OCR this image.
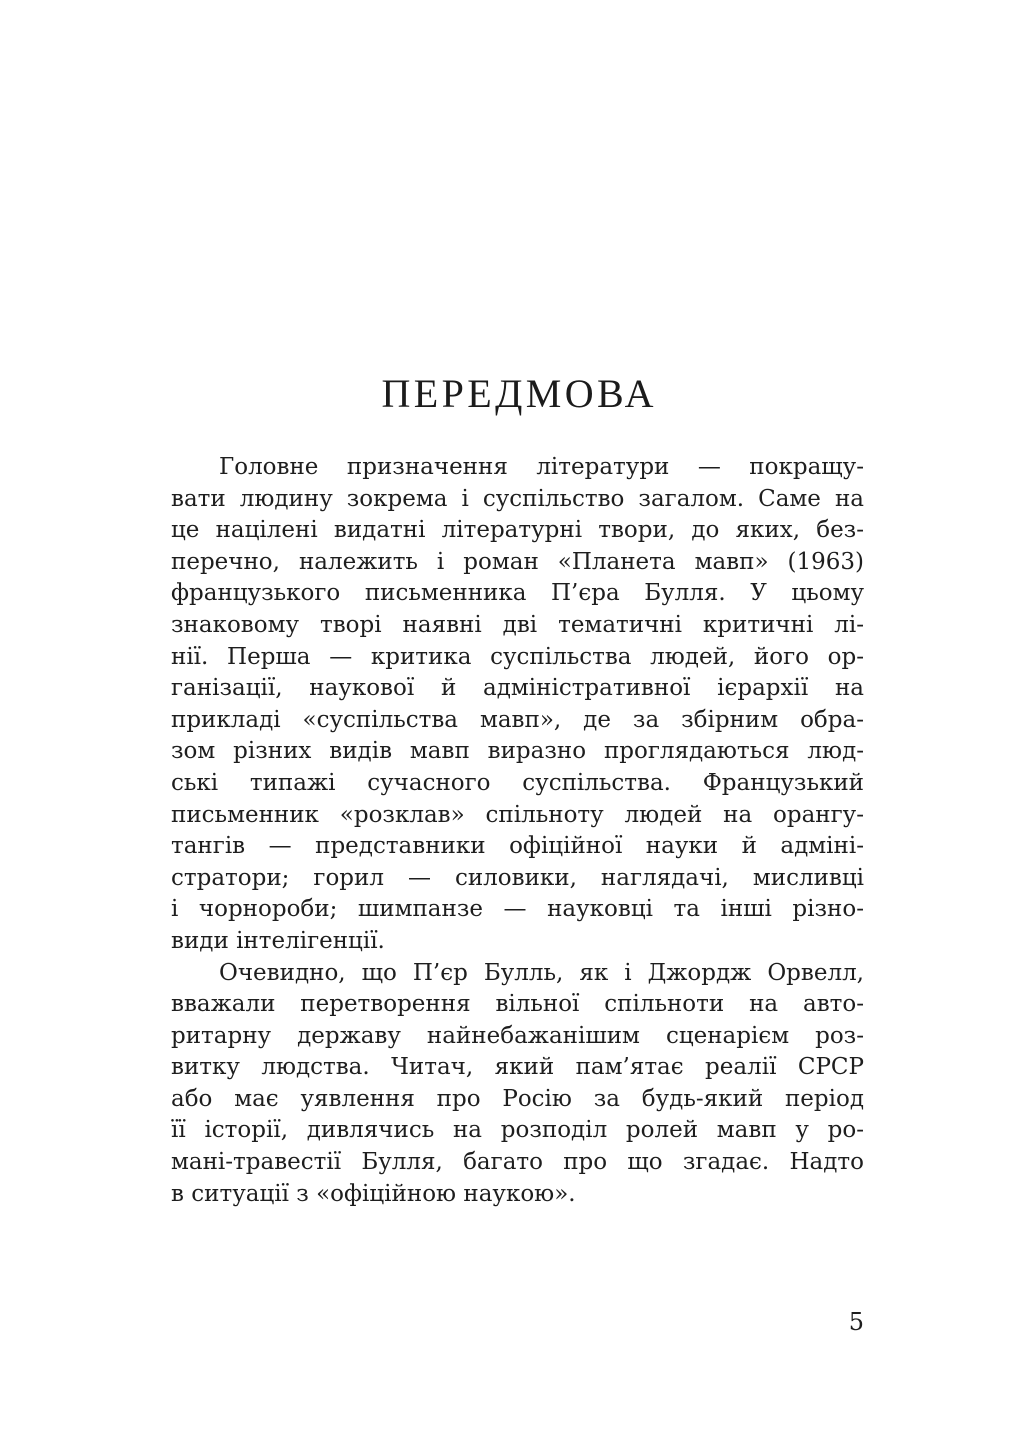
ПЕРЕДМОВА

Головне призначення літератури — покращу-
вати людину зокрема і суспільство загалом. Саме на
це націлені видатні літературні твори, до яких, без-
перечно, належить і роман «Планета мавп» (1963)
французького письменника П’єра Булля. У цьому
знаковому творі наявні дві тематичні критичні лі-
нії. Перша — критика суспільства людей, його ор-
ганізації, наукової й адміністративної ієрархії на
прикладі «суспільства мавп», де за збірним обра-
зом різних видів мавп виразно проглядаються люд-
ські типажі сучасного суспільства. Французький
письменник «розклав» спільноту людей на орангу-
тангів — представники офіційної науки й адміні-
стратори; горил — силовики, наглядачі, мисливці
і чорнороби; шимпанзе — науковці та інші різно-
види інтелігенції.

Очевидно, що П’єр Булль, як і Джордж Орвелл,
вважали перетворення вільної спільноти на авто-
ритарну державу найнебажанішим сценарієм роз-
витку людства. Читач, який пам’ятає реалії СРСР
або має уявлення про Росію за будь-який період
її історії, дивлячись на розподіл ролей мавп у ро-
мані-травестії Булля, багато про що згадає. Надто
в ситуації з «офіційною наукою».

5
